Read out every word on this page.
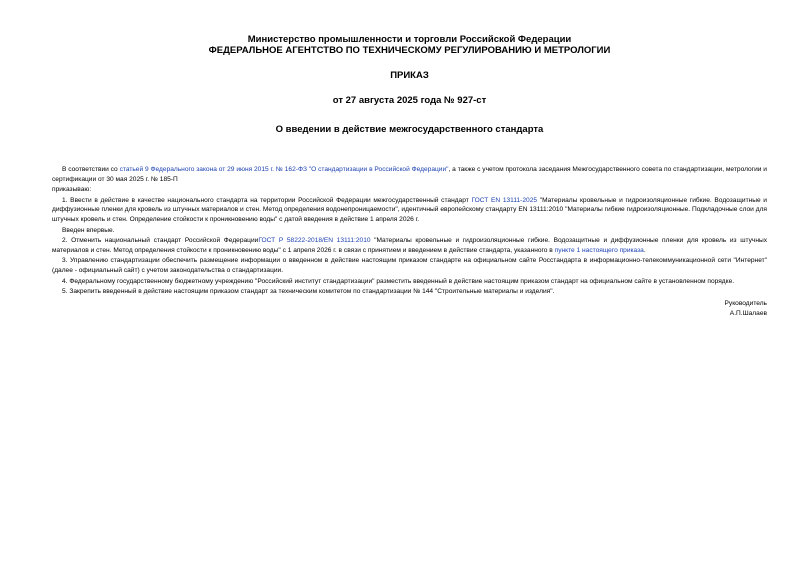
Министерство промышленности и торговли Российской Федерации

ФЕДЕРАЛЬНОЕ АГЕНТСТВО ПО ТЕХНИЧЕСКОМУ РЕГУЛИРОВАНИЮ И МЕТРОЛОГИИ

ПРИКАЗ
от 27 августа 2025 года № 927-ст
О введении в действие межгосударственного стандарта

В соответствии со статьей 9 Федерального закона от 29 июня 2015 г. № 162-ФЗ "О стандартизации в Российской Федерации", а также с учетом протокола заседания Межгосударственного совета по стандартизации, метрологии и сертификации от 30 мая 2025 г. № 185-П

приказываю:

1. Ввести в действие в качестве национального стандарта на территории Российской Федерации межгосударственный стандарт ГОСТ EN 13111-2025 "Материалы кровельные и гидроизоляционные гибкие. Водозащитные и диффузионные пленки для кровель из штучных материалов и стен. Метод определения водонепроницаемости", идентичный европейскому стандарту EN 13111:2010 "Материалы гибкие гидроизоляционные. Подкладочные слои для штучных кровель и стен. Определение стойкости к проникновению воды" с датой введения в действие 1 апреля 2026 г.

Введен впервые.

2. Отменить национальный стандарт Российской ФедерацииГОСТ Р 58222-2018/EN 13111:2010 "Материалы кровельные и гидроизоляционные гибкие. Водозащитные и диффузионные пленки для кровель из штучных материалов и стен. Метод определения стойкости к проникновению воды" с 1 апреля 2026 г. в связи с принятием и введением в действие стандарта, указанного в пункте 1 настоящего приказа.

3. Управлению стандартизации обеспечить размещение информации о введенном в действие настоящим приказом стандарте на официальном сайте Росстандарта в информационно-телекоммуникационной сети "Интернет" (далее - официальный сайт) с учетом законодательства о стандартизации.

4. Федеральному государственному бюджетному учреждению "Российский институт стандартизации" разместить введенный в действие настоящим приказом стандарт на официальном сайте в установленном порядке.

5. Закрепить введенный в действие настоящим приказом стандарт за техническим комитетом по стандартизации № 144 "Строительные материалы и изделия".

Руководитель
А.П.Шалаев
